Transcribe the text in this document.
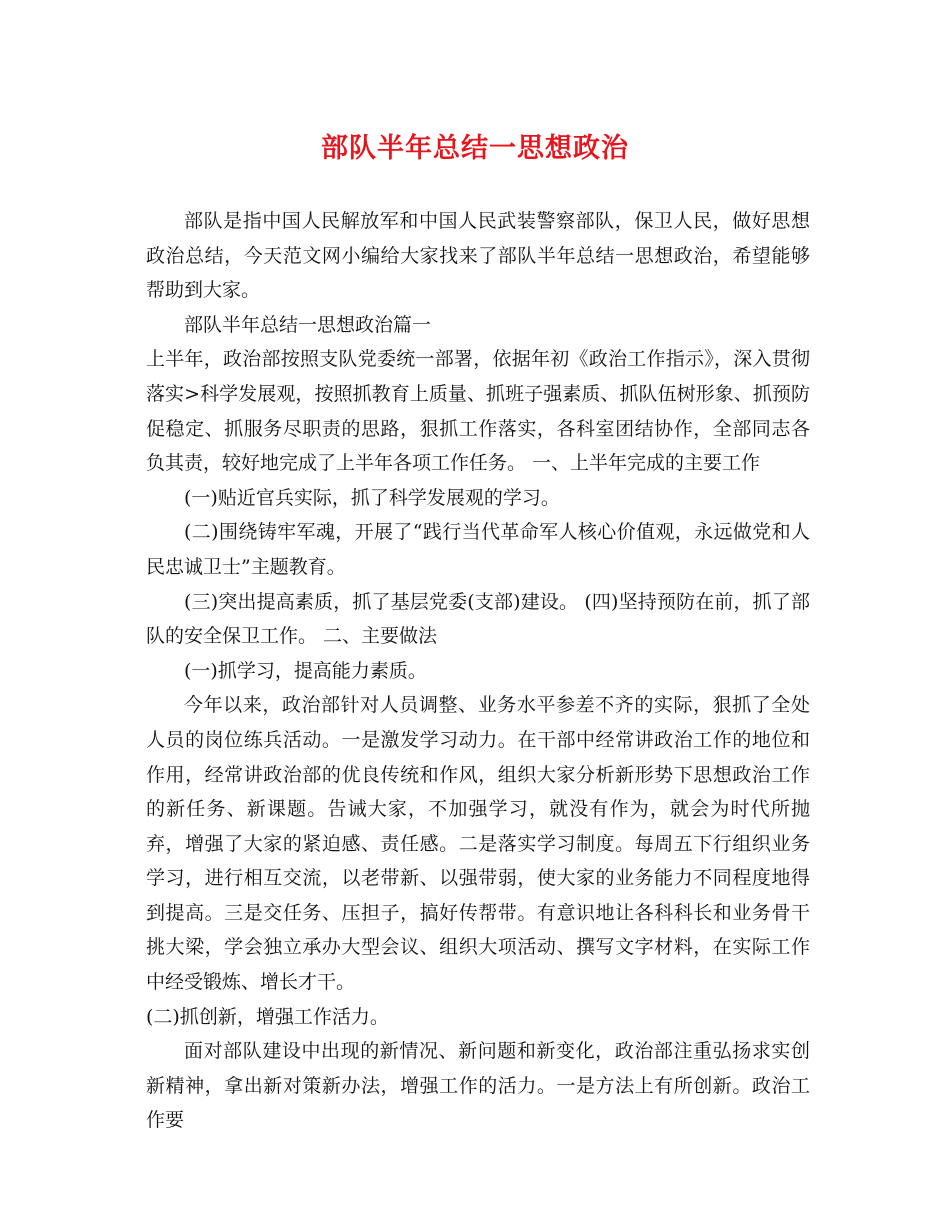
部队半年总结一思想政治

部队是指中国人民解放军和中国人民武装警察部队，保卫人民，做好思想政治总结，今天范文网小编给大家找来了部队半年总结一思想政治，希望能够帮助到大家。

部队半年总结一思想政治篇一

上半年，政治部按照支队党委统一部署，依据年初《政治工作指示》，深入贯彻落实>科学发展观，按照抓教育上质量、抓班子强素质、抓队伍树形象、抓预防促稳定、抓服务尽职责的思路，狠抓工作落实，各科室团结协作，全部同志各负其责，较好地完成了上半年各项工作任务。 一、上半年完成的主要工作

(一)贴近官兵实际，抓了科学发展观的学习。

(二)围绕铸牢军魂，开展了“践行当代革命军人核心价值观，永远做党和人民忠诚卫士”主题教育。

(三)突出提高素质，抓了基层党委(支部)建设。 (四)坚持预防在前，抓了部队的安全保卫工作。 二、主要做法

(一)抓学习，提高能力素质。

今年以来，政治部针对人员调整、业务水平参差不齐的实际，狠抓了全处人员的岗位练兵活动。一是激发学习动力。在干部中经常讲政治工作的地位和作用，经常讲政治部的优良传统和作风，组织大家分析新形势下思想政治工作的新任务、新课题。告诫大家，不加强学习，就没有作为，就会为时代所抛弃，增强了大家的紧迫感、责任感。二是落实学习制度。每周五下行组织业务学习，进行相互交流，以老带新、以强带弱，使大家的业务能力不同程度地得到提高。三是交任务、压担子，搞好传帮带。有意识地让各科科长和业务骨干挑大梁，学会独立承办大型会议、组织大项活动、撰写文字材料，在实际工作中经受锻炼、增长才干。

(二)抓创新，增强工作活力。

面对部队建设中出现的新情况、新问题和新变化，政治部注重弘扬求实创新精神，拿出新对策新办法，增强工作的活力。一是方法上有所创新。政治工作要
